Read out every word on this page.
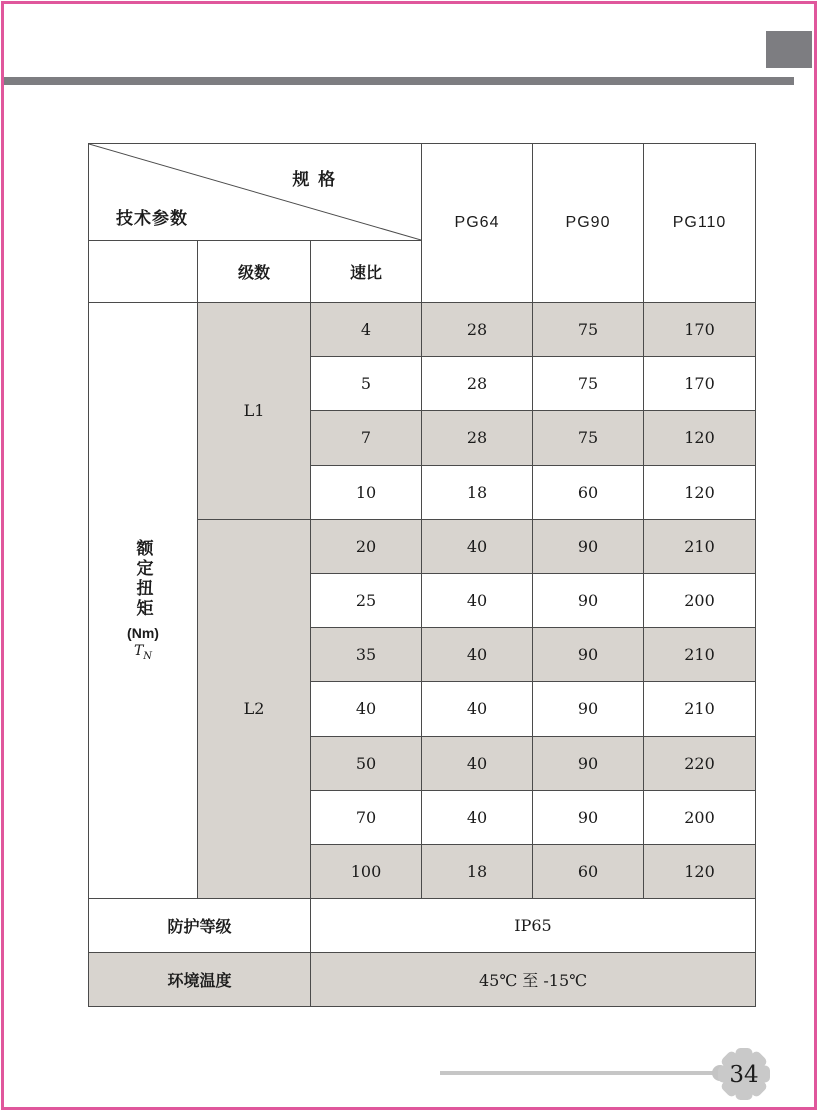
规 格
技术参数			PG64	PG90	PG110
	级数	速比			

额定扭矩
(Nm)
$T_N$	L1	4	28	75	170
		5	28	75	170
		7	28	75	120
		10	18	60	120
	L2	20	40	90	210
		25	40	90	200
		35	40	90	210
		40	40	90	210
		50	40	90	220
		70	40	90	200
		100	18	60	120
防护等级		IP65			
环境温度		45℃ 至 -15℃			
34
